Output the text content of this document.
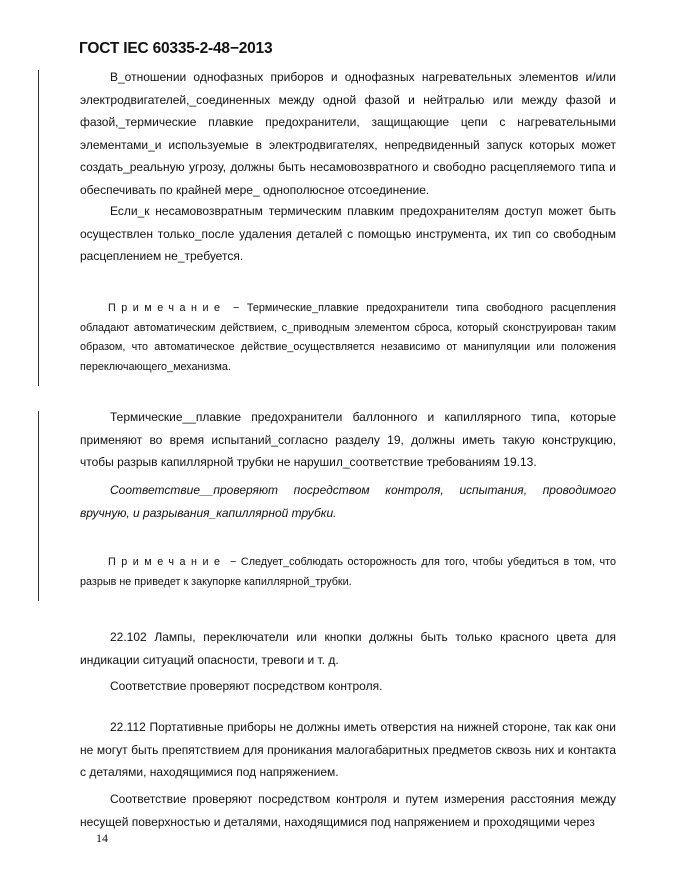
ГОСТ IEC 60335-2-48−2013

В_отношении однофазных приборов и однофазных нагревательных элементов и/или электродвигателей,_соединенных между одной фазой и нейтралью или между фазой и фазой,_термические плавкие предохранители, защищающие цепи с нагревательными элементами_и используемые в электродвигателях, непредвиденный запуск которых может создать_реальную угрозу, должны быть несамовозвратного и свободно расцепляемого типа и обеспечивать по крайней мере_ однополюсное отсоединение.

Если_к несамовозвратным термическим плавким предохранителям доступ может быть осуществлен только_после удаления деталей с помощью инструмента, их тип со свободным расцеплением не_требуется.

Примечание − Термические_плавкие предохранители типа свободного расцепления обладают автоматическим действием, с_приводным элементом сброса, который сконструирован таким образом, что автоматическое действие_осуществляется независимо от манипуляции или положения переключающего_механизма.

Термические__плавкие предохранители баллонного и капиллярного типа, которые применяют во время испытаний_согласно разделу 19, должны иметь такую конструкцию, чтобы разрыв капиллярной трубки не нарушил_соответствие требованиям 19.13.

Соответствие__проверяют посредством контроля, испытания, проводимого вручную, и разрывания_капиллярной трубки.

Примечание − Следует_соблюдать осторожность для того, чтобы убедиться в том, что разрыв не приведет к закупорке капиллярной_трубки.

22.102 Лампы, переключатели или кнопки должны быть только красного цвета для индикации ситуаций опасности, тревоги и т. д.

Соответствие проверяют посредством контроля.

22.112 Портативные приборы не должны иметь отверстия на нижней стороне, так как они не могут быть препятствием для проникания малогабаритных предметов сквозь них и контакта с деталями, находящимися под напряжением.

Соответствие проверяют посредством контроля и путем измерения расстояния между несущей поверхностью и деталями, находящимися под напряжением и проходящими через

14
